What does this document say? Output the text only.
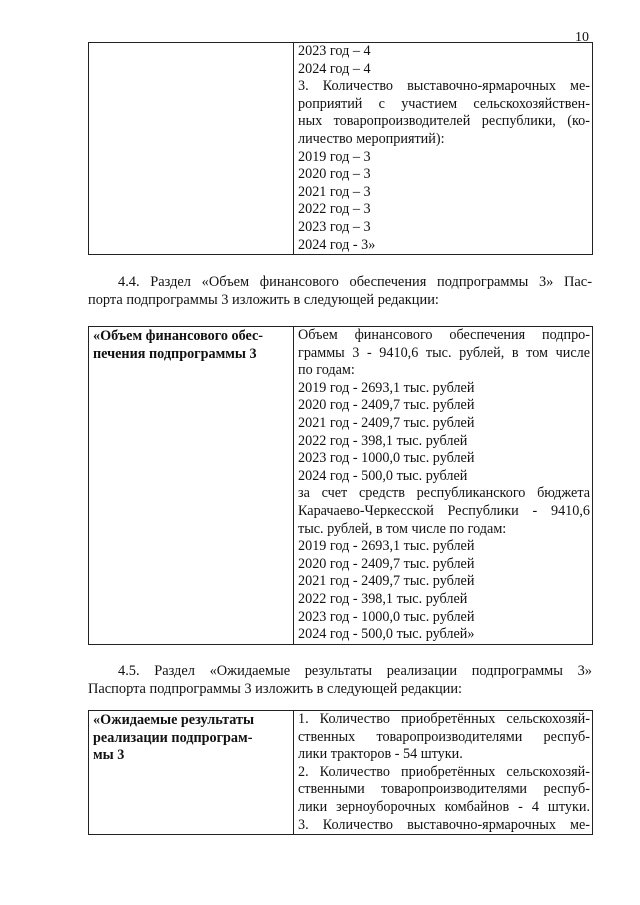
10

2023 год – 4
2024 год – 4
3. Количество выставочно-ярмарочных ме-
роприятий с участием сельскохозяйствен-
ных товаропроизводителей республики, (ко-
личество мероприятий):
2019 год – 3
2020 год – 3
2021 год – 3
2022 год – 3
2023 год – 3
2024 год - 3»
4.4. Раздел «Объем финансового обеспечения подпрограммы 3» Пас-
порта подпрограммы 3 изложить в следующей редакции:
«Объем финансового обес-
печения подпрограммы 3

Объем финансового обеспечения подпро-
граммы 3 - 9410,6 тыс. рублей, в том числе
по годам:
2019 год - 2693,1 тыс. рублей
2020 год - 2409,7 тыс. рублей
2021 год - 2409,7 тыс. рублей
2022 год - 398,1 тыс. рублей
2023 год - 1000,0 тыс. рублей
2024 год - 500,0 тыс. рублей
за счет средств республиканского бюджета
Карачаево-Черкесской Республики - 9410,6
тыс. рублей, в том числе по годам:
2019 год - 2693,1 тыс. рублей
2020 год - 2409,7 тыс. рублей
2021 год - 2409,7 тыс. рублей
2022 год - 398,1 тыс. рублей
2023 год - 1000,0 тыс. рублей
2024 год - 500,0 тыс. рублей»
4.5. Раздел «Ожидаемые результаты реализации подпрограммы 3»
Паспорта подпрограммы 3 изложить в следующей редакции:
«Ожидаемые результаты
реализации подпрограм-
мы 3

1. Количество приобретённых сельскохозяй-
ственных товаропроизводителями респуб-
лики тракторов - 54 штуки.
2. Количество приобретённых сельскохозяй-
ственными товаропроизводителями респуб-
лики зерноуборочных комбайнов - 4 штуки.
3. Количество выставочно-ярмарочных ме-
